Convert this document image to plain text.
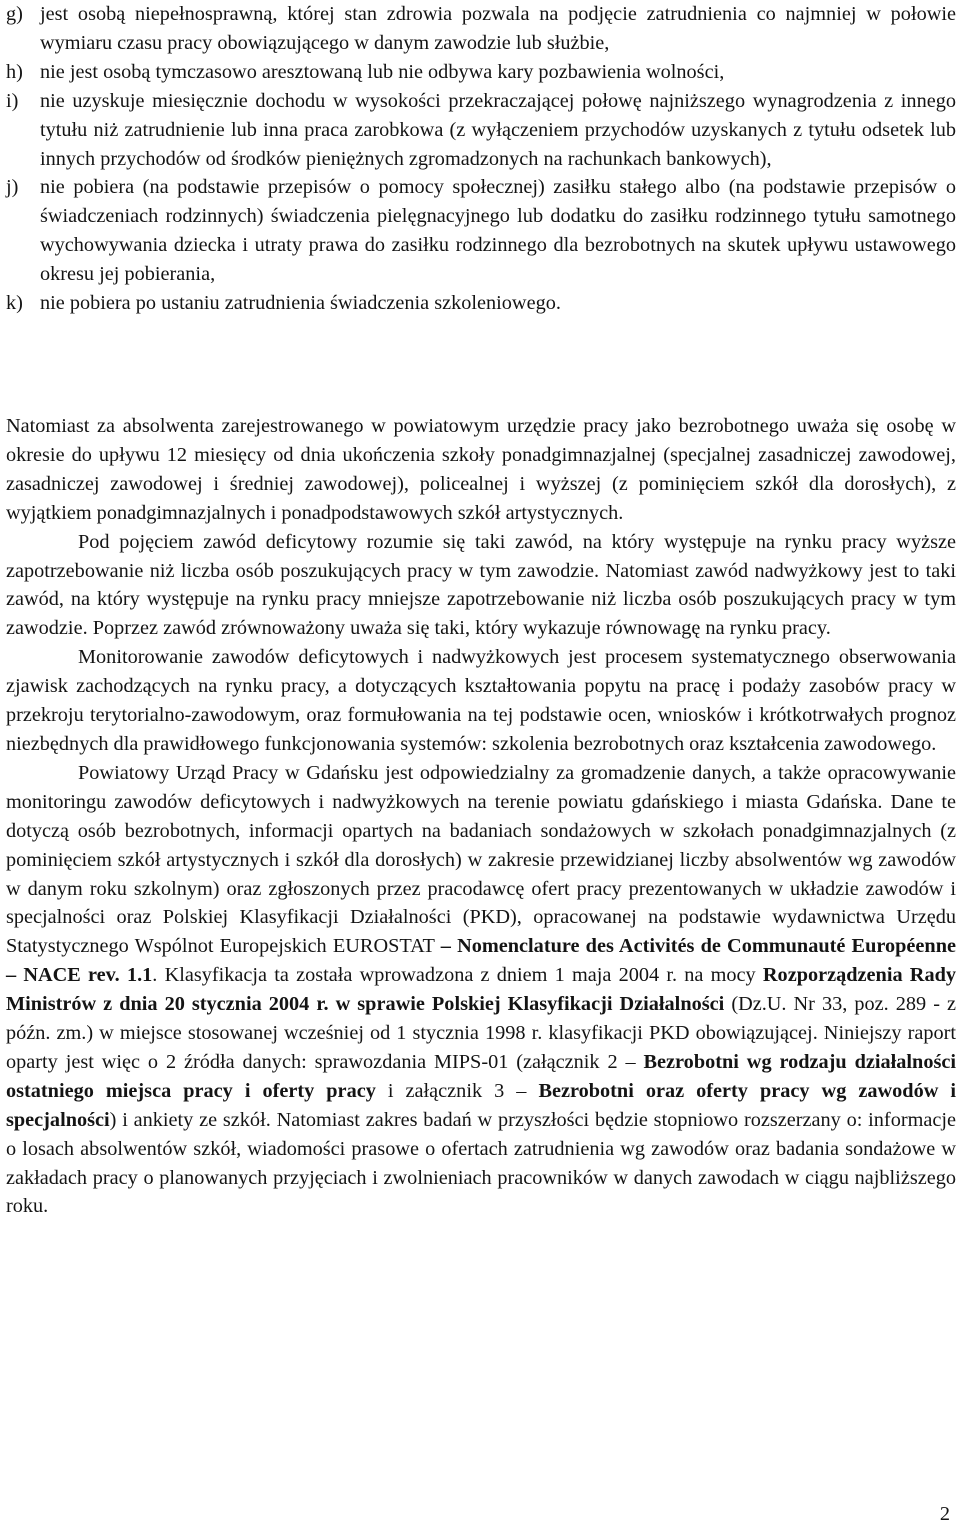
g) jest osobą niepełnosprawną, której stan zdrowia pozwala na podjęcie zatrudnienia co najmniej w połowie wymiaru czasu pracy obowiązującego w danym zawodzie lub służbie,
h) nie jest osobą tymczasowo aresztowaną lub nie odbywa kary pozbawienia wolności,
i) nie uzyskuje miesięcznie dochodu w wysokości przekraczającej połowę najniższego wynagrodzenia z innego tytułu niż zatrudnienie lub inna praca zarobkowa (z wyłączeniem przychodów uzyskanych z tytułu odsetek lub innych przychodów od środków pieniężnych zgromadzonych na rachunkach bankowych),
j) nie pobiera (na podstawie przepisów o pomocy społecznej) zasiłku stałego albo (na podstawie przepisów o świadczeniach rodzinnych) świadczenia pielęgnacyjnego lub dodatku do zasiłku rodzinnego tytułu samotnego wychowywania dziecka i utraty prawa do zasiłku rodzinnego dla bezrobotnych na skutek upływu ustawowego okresu jej pobierania,
k) nie pobiera po ustaniu zatrudnienia świadczenia szkoleniowego.

Natomiast za absolwenta zarejestrowanego w powiatowym urzędzie pracy jako bezrobotnego uważa się osobę w okresie do upływu 12 miesięcy od dnia ukończenia szkoły ponadgimnazjalnej (specjalnej zasadniczej zawodowej, zasadniczej zawodowej i średniej zawodowej), policealnej i wyższej (z pominięciem szkół dla dorosłych), z wyjątkiem ponadgimnazjalnych i ponadpodstawowych szkół artystycznych.

Pod pojęciem zawód deficytowy rozumie się taki zawód, na który występuje na rynku pracy wyższe zapotrzebowanie niż liczba osób poszukujących pracy w tym zawodzie. Natomiast zawód nadwyżkowy jest to taki zawód, na który występuje na rynku pracy mniejsze zapotrzebowanie niż liczba osób poszukujących pracy w tym zawodzie. Poprzez zawód zrównoważony uważa się taki, który wykazuje równowagę na rynku pracy.

Monitorowanie zawodów deficytowych i nadwyżkowych jest procesem systematycznego obserwowania zjawisk zachodzących na rynku pracy, a dotyczących kształtowania popytu na pracę i podaży zasobów pracy w przekroju terytorialno-zawodowym, oraz formułowania na tej podstawie ocen, wniosków i krótkotrwałych prognoz niezbędnych dla prawidłowego funkcjonowania systemów: szkolenia bezrobotnych oraz kształcenia zawodowego.

Powiatowy Urząd Pracy w Gdańsku jest odpowiedzialny za gromadzenie danych, a także opracowywanie monitoringu zawodów deficytowych i nadwyżkowych na terenie powiatu gdańskiego i miasta Gdańska. Dane te dotyczą osób bezrobotnych, informacji opartych na badaniach sondażowych w szkołach ponadgimnazjalnych (z pominięciem szkół artystycznych i szkół dla dorosłych) w zakresie przewidzianej liczby absolwentów wg zawodów w danym roku szkolnym) oraz zgłoszonych przez pracodawcę ofert pracy prezentowanych w układzie zawodów i specjalności oraz Polskiej Klasyfikacji Działalności (PKD), opracowanej na podstawie wydawnictwa Urzędu Statystycznego Wspólnot Europejskich EUROSTAT – Nomenclature des Activités de Communauté Européenne – NACE rev. 1.1. Klasyfikacja ta została wprowadzona z dniem 1 maja 2004 r. na mocy Rozporządzenia Rady Ministrów z dnia 20 stycznia 2004 r. w sprawie Polskiej Klasyfikacji Działalności (Dz.U. Nr 33, poz. 289 - z późn. zm.) w miejsce stosowanej wcześniej od 1 stycznia 1998 r. klasyfikacji PKD obowiązującej. Niniejszy raport oparty jest więc o 2 źródła danych: sprawozdania MIPS-01 (załącznik 2 – Bezrobotni wg rodzaju działalności ostatniego miejsca pracy i oferty pracy i załącznik 3 – Bezrobotni oraz oferty pracy wg zawodów i specjalności) i ankiety ze szkół. Natomiast zakres badań w przyszłości będzie stopniowo rozszerzany o: informacje o losach absolwentów szkół, wiadomości prasowe o ofertach zatrudnienia wg zawodów oraz badania sondażowe w zakładach pracy o planowanych przyjęciach i zwolnieniach pracowników w danych zawodach w ciągu najbliższego roku.

2
